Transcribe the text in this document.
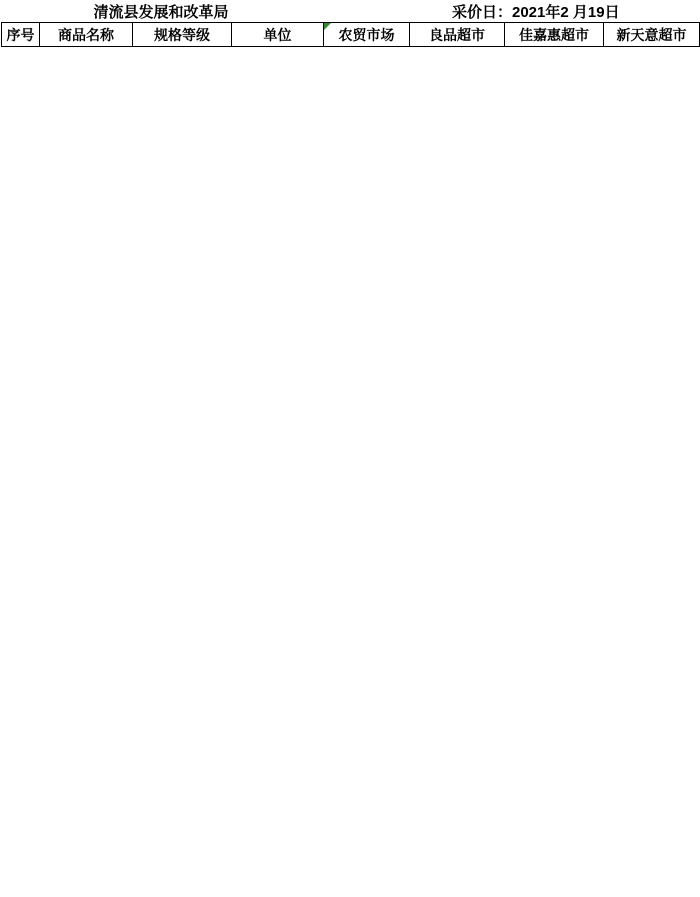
清流县发展和改革局	采价日：2021年2 月19日
序号	商品名称	规格等级	单位	农贸市场	良品超市	佳嘉惠超市	新天意超市
